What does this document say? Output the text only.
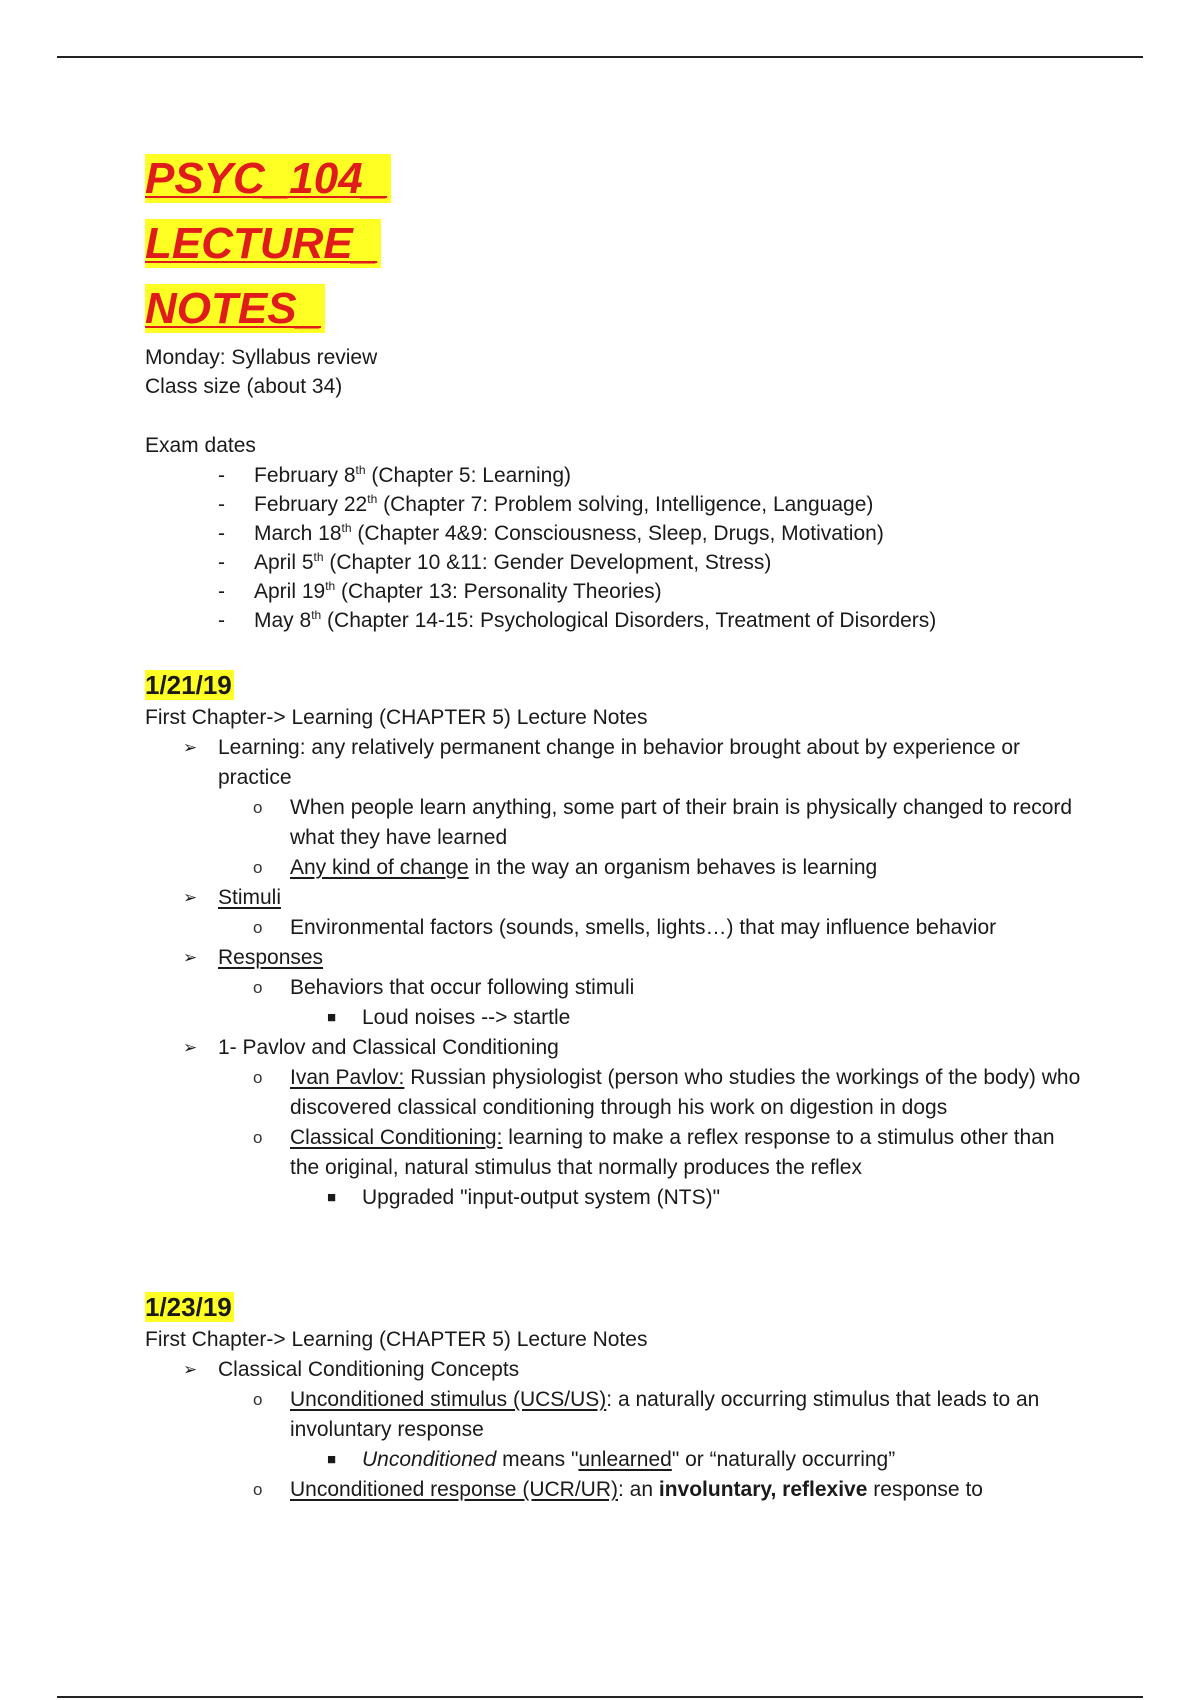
PSYC_104_
LECTURE_
NOTES_

Monday: Syllabus review Class size (about 34)

Exam dates

- February 8th (Chapter 5: Learning)
- February 22th (Chapter 7: Problem solving, Intelligence, Language)
- March 18th (Chapter 4&9: Consciousness, Sleep, Drugs, Motivation)
- April 5th (Chapter 10 &11: Gender Development, Stress)
- April 19th (Chapter 13: Personality Theories)
- May 8th (Chapter 14-15: Psychological Disorders, Treatment of Disorders)

1/21/19

First Chapter-> Learning (CHAPTER 5) Lecture Notes

➢ Learning: any relatively permanent change in behavior brought about by experience or practice
o When people learn anything, some part of their brain is physically changed to record what they have learned
o Any kind of change in the way an organism behaves is learning
➢ Stimuli
o Environmental factors (sounds, smells, lights…) that may influence behavior
➢ Responses
o Behaviors that occur following stimuli
■ Loud noises --> startle
➢ 1- Pavlov and Classical Conditioning
o Ivan Pavlov: Russian physiologist (person who studies the workings of the body) who discovered classical conditioning through his work on digestion in dogs
o Classical Conditioning: learning to make a reflex response to a stimulus other than the original, natural stimulus that normally produces the reflex
■ Upgraded "input-output system (NTS)"

1/23/19

First Chapter-> Learning (CHAPTER 5) Lecture Notes

➢ Classical Conditioning Concepts
o Unconditioned stimulus (UCS/US): a naturally occurring stimulus that leads to an involuntary response
■ Unconditioned means "unlearned" or “naturally occurring”
o Unconditioned response (UCR/UR): an involuntary, reflexive response to
